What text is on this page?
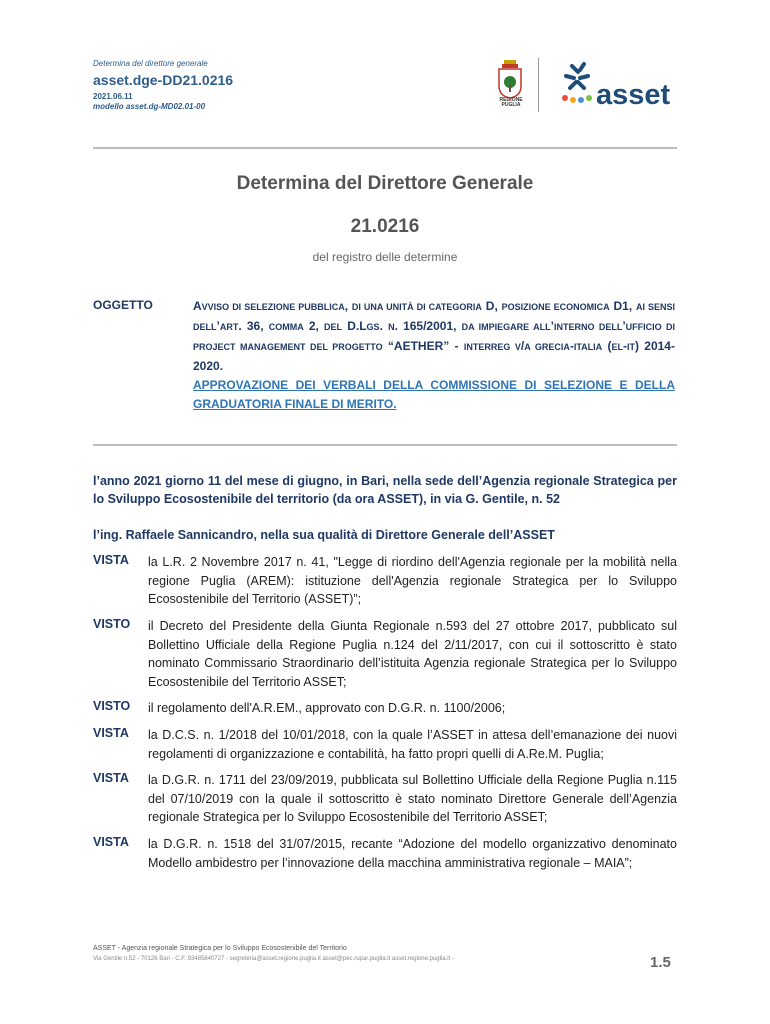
Determina del direttore generale
asset.dge-DD21.0216
2021.06.11
modello asset.dg-MD02.01-00
REGIONE
PUGLIA	asset
Determina del Direttore Generale
21.0216
del registro delle determine
OGGETTO	AVVISO DI SELEZIONE PUBBLICA, DI UNA UNITÀ DI CATEGORIA D, POSIZIONE ECONOMICA D1, AI SENSI DELL’ART. 36, COMMA 2, DEL D.LGS. N. 165/2001, DA IMPIEGARE ALL’INTERNO DELL’UFFICIO DI PROJECT MANAGEMENT DEL PROGETTO “AETHER” - INTERREG V/A GRECIA-ITALIA (EL-IT) 2014-2020.
APPROVAZIONE DEI VERBALI DELLA COMMISSIONE DI SELEZIONE E DELLA GRADUATORIA FINALE DI MERITO.
l’anno 2021 giorno 11 del mese di giugno, in Bari, nella sede dell’Agenzia regionale Strategica per lo Sviluppo Ecosostenibile del territorio (da ora ASSET), in via G. Gentile, n. 52
l’ing. Raffaele Sannicandro, nella sua qualità di Direttore Generale dell’ASSET
VISTA la L.R. 2 Novembre 2017 n. 41, "Legge di riordino dell'Agenzia regionale per la mobilità nella regione Puglia (AREM): istituzione dell'Agenzia regionale Strategica per lo Sviluppo Ecosostenibile del Territorio (ASSET)”;
VISTO il Decreto del Presidente della Giunta Regionale n.593 del 27 ottobre 2017, pubblicato sul Bollettino Ufficiale della Regione Puglia n.124 del 2/11/2017, con cui il sottoscritto è stato nominato Commissario Straordinario dell’istituita Agenzia regionale Strategica per lo Sviluppo Ecosostenibile del Territorio ASSET;
VISTO il regolamento dell'A.R.EM., approvato con D.G.R. n. 1100/2006;
VISTA la D.C.S. n. 1/2018 del 10/01/2018, con la quale l’ASSET in attesa dell’emanazione dei nuovi regolamenti di organizzazione e contabilità, ha fatto propri quelli di A.Re.M. Puglia;
VISTA la D.G.R. n. 1711 del 23/09/2019, pubblicata sul Bollettino Ufficiale della Regione Puglia n.115 del 07/10/2019 con la quale il sottoscritto è stato nominato Direttore Generale dell’Agenzia regionale Strategica per lo Sviluppo Ecosostenibile del Territorio ASSET;
VISTA la D.G.R. n. 1518 del 31/07/2015, recante “Adozione del modello organizzativo denominato Modello ambidestro per l’innovazione della macchina amministrativa regionale – MAIA”;
ASSET - Agenzia regionale Strategica per lo Sviluppo Ecosostenibile del Territorio
Via Gentile n.52 - 70126 Bari - C.F. 93485840727 - segreteria@asset.regione.puglia.it asset@pec.rupar.puglia.it asset.regione.puglia.it -	1.5
